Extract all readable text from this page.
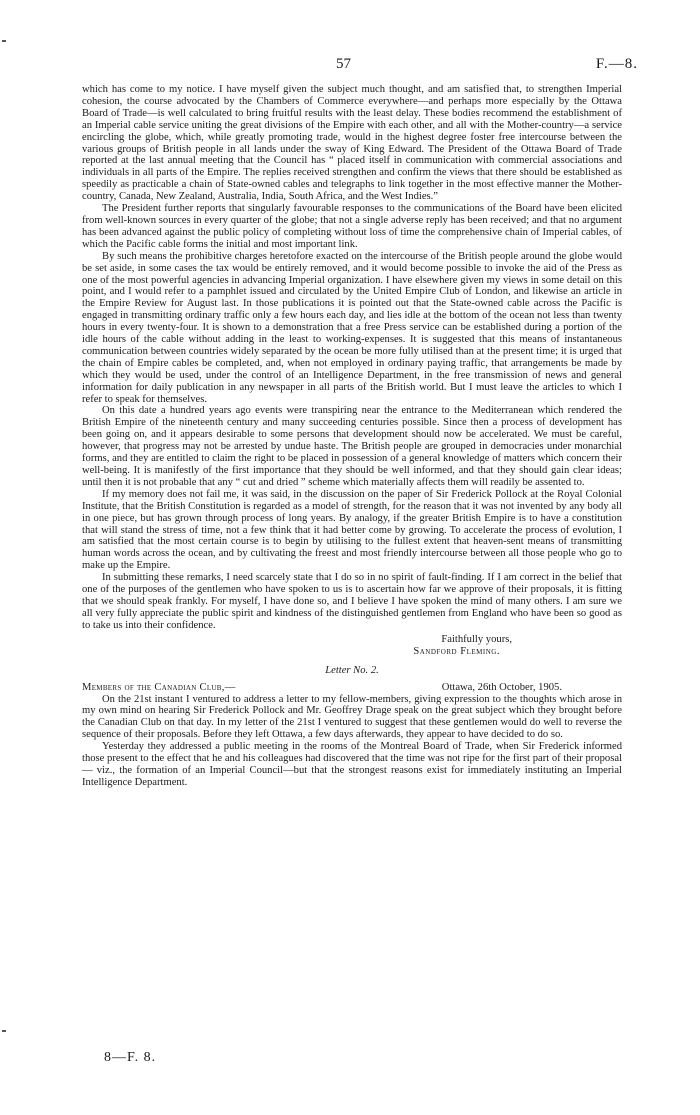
57	F.—8.

which has come to my notice. I have myself given the subject much thought, and am satisfied that, to strengthen Imperial cohesion, the course advocated by the Chambers of Commerce everywhere—and perhaps more especially by the Ottawa Board of Trade—is well calculated to bring fruitful results with the least delay. These bodies recommend the establishment of an Imperial cable service uniting the great divisions of the Empire with each other, and all with the Mother-country—a service encircling the globe, which, while greatly promoting trade, would in the highest degree foster free intercourse between the various groups of British people in all lands under the sway of King Edward. The President of the Ottawa Board of Trade reported at the last annual meeting that the Council has “ placed itself in communication with commercial associations and individuals in all parts of the Empire. The replies received strengthen and confirm the views that there should be established as speedily as practicable a chain of State-owned cables and telegraphs to link together in the most effective manner the Mother-country, Canada, New Zealand, Australia, India, South Africa, and the West Indies.”

The President further reports that singularly favourable responses to the communications of the Board have been elicited from well-known sources in every quarter of the globe; that not a single adverse reply has been received; and that no argument has been advanced against the public policy of completing without loss of time the comprehensive chain of Imperial cables, of which the Pacific cable forms the initial and most important link.

By such means the prohibitive charges heretofore exacted on the intercourse of the British people around the globe would be set aside, in some cases the tax would be entirely removed, and it would become possible to invoke the aid of the Press as one of the most powerful agencies in advancing Imperial organization. I have elsewhere given my views in some detail on this point, and I would refer to a pamphlet issued and circulated by the United Empire Club of London, and likewise an article in the Empire Review for August last. In those publications it is pointed out that the State-owned cable across the Pacific is engaged in transmitting ordinary traffic only a few hours each day, and lies idle at the bottom of the ocean not less than twenty hours in every twenty-four. It is shown to a demonstration that a free Press service can be established during a portion of the idle hours of the cable without adding in the least to working-expenses. It is suggested that this means of instantaneous communication between countries widely separated by the ocean be more fully utilised than at the present time; it is urged that the chain of Empire cables be completed, and, when not employed in ordinary paying traffic, that arrangements be made by which they would be used, under the control of an Intelligence Department, in the free transmission of news and general information for daily publication in any newspaper in all parts of the British world. But I must leave the articles to which I refer to speak for themselves.

On this date a hundred years ago events were transpiring near the entrance to the Mediterranean which rendered the British Empire of the nineteenth century and many succeeding centuries possible. Since then a process of development has been going on, and it appears desirable to some persons that development should now be accelerated. We must be careful, however, that progress may not be arrested by undue haste. The British people are grouped in democracies under monarchial forms, and they are entitled to claim the right to be placed in possession of a general knowledge of matters which concern their well-being. It is manifestly of the first importance that they should be well informed, and that they should gain clear ideas; until then it is not probable that any “ cut and dried ” scheme which materially affects them will readily be assented to.

If my memory does not fail me, it was said, in the discussion on the paper of Sir Frederick Pollock at the Royal Colonial Institute, that the British Constitution is regarded as a model of strength, for the reason that it was not invented by any body all in one piece, but has grown through process of long years. By analogy, if the greater British Empire is to have a constitution that will stand the stress of time, not a few think that it had better come by growing. To accelerate the process of evolution, I am satisfied that the most certain course is to begin by utilising to the fullest extent that heaven-sent means of transmitting human words across the ocean, and by cultivating the freest and most friendly intercourse between all those people who go to make up the Empire.

In submitting these remarks, I need scarcely state that I do so in no spirit of fault-finding. If I am correct in the belief that one of the purposes of the gentlemen who have spoken to us is to ascertain how far we approve of their proposals, it is fitting that we should speak frankly. For myself, I have done so, and I believe I have spoken the mind of many others. I am sure we all very fully appreciate the public spirit and kindness of the distinguished gentlemen from England who have been so good as to take us into their confidence.

Faithfully yours,
Sandford Fleming.
Letter No. 2.
Members of the Canadian Club,—	Ottawa, 26th October, 1905.

On the 21st instant I ventured to address a letter to my fellow-members, giving expression to the thoughts which arose in my own mind on hearing Sir Frederick Pollock and Mr. Geoffrey Drage speak on the great subject which they brought before the Canadian Club on that day. In my letter of the 21st I ventured to suggest that these gentlemen would do well to reverse the sequence of their proposals. Before they left Ottawa, a few days afterwards, they appear to have decided to do so.

Yesterday they addressed a public meeting in the rooms of the Montreal Board of Trade, when Sir Frederick informed those present to the effect that he and his colleagues had discovered that the time was not ripe for the first part of their proposal — viz., the formation of an Imperial Council—but that the strongest reasons exist for immediately instituting an Imperial Intelligence Department.

8—F. 8.
